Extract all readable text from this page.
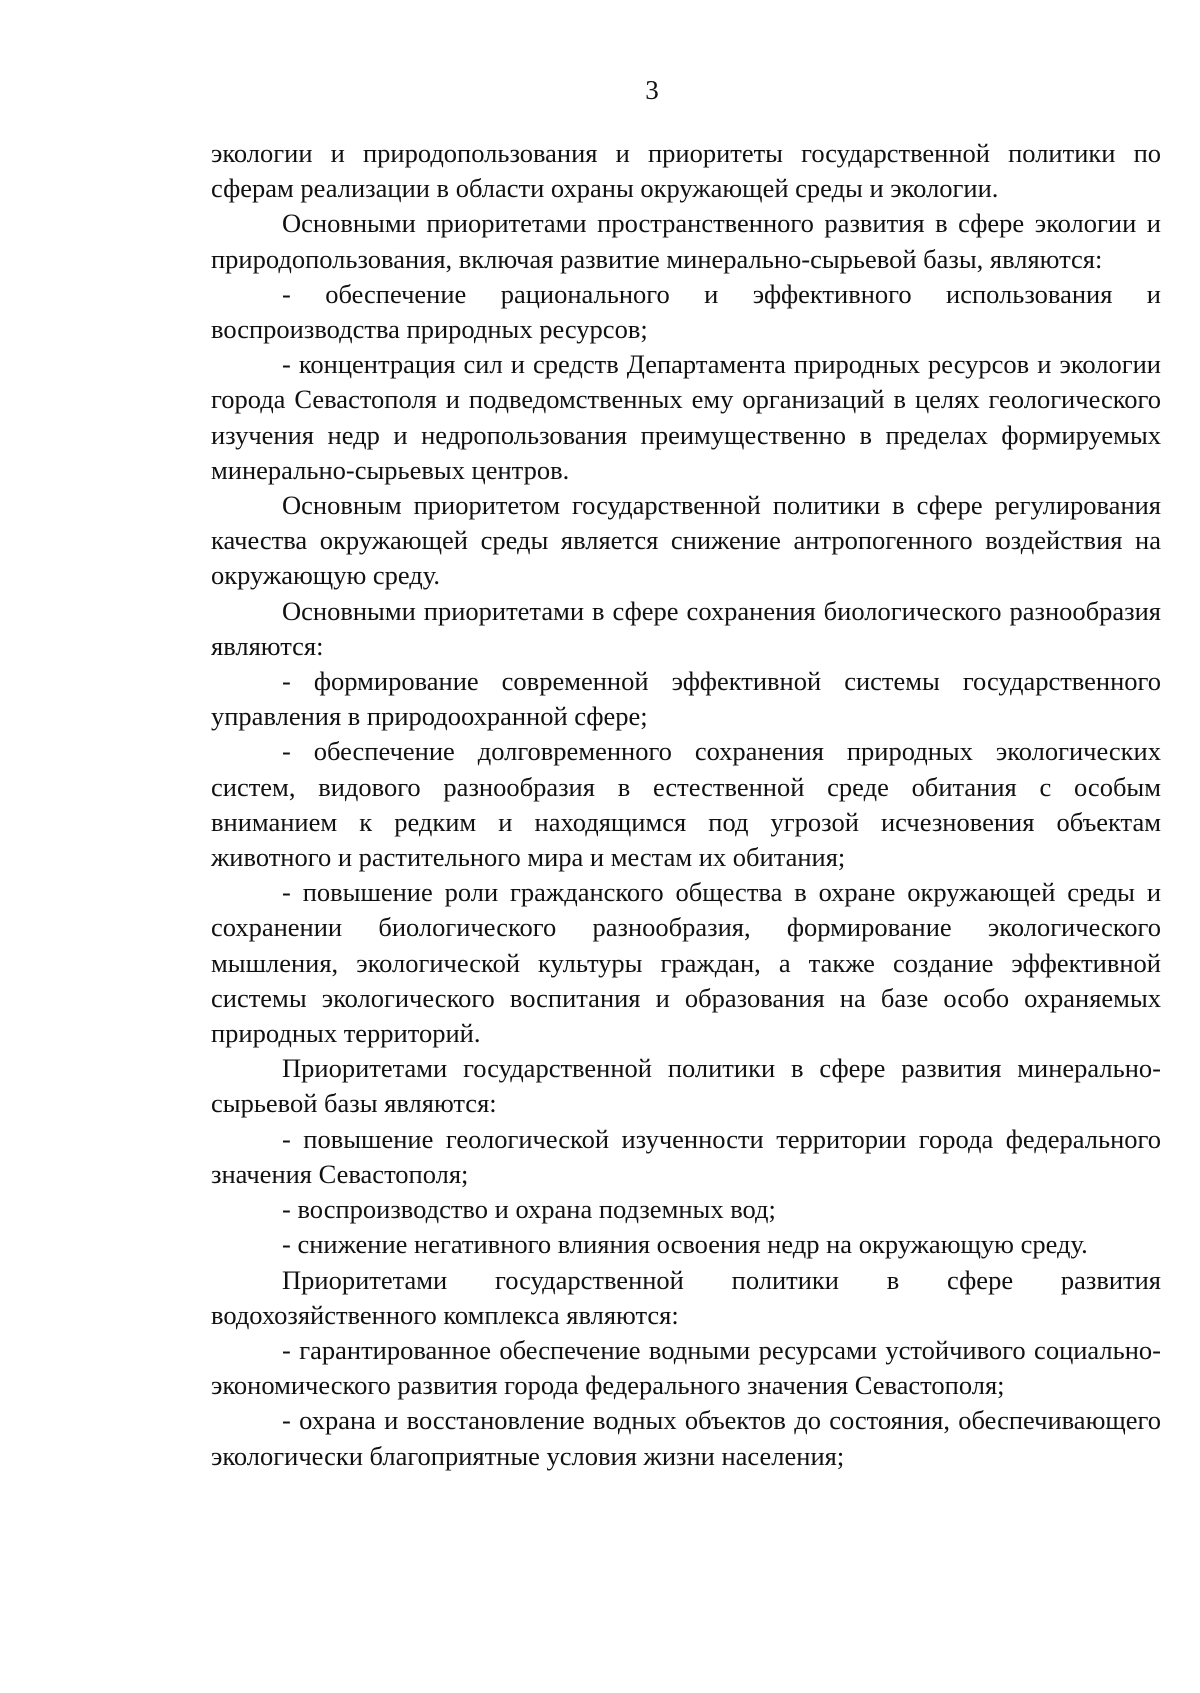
3

экологии и природопользования и приоритеты государственной политики по сферам реализации в области охраны окружающей среды и экологии.

Основными приоритетами пространственного развития в сфере экологии и природопользования, включая развитие минерально-сырьевой базы, являются:

- обеспечение рационального и эффективного использования и воспроизводства природных ресурсов;

- концентрация сил и средств Департамента природных ресурсов и экологии города Севастополя и подведомственных ему организаций в целях геологического изучения недр и недропользования преимущественно в пределах формируемых минерально-сырьевых центров.

Основным приоритетом государственной политики в сфере регулирования качества окружающей среды является снижение антропогенного воздействия на окружающую среду.

Основными приоритетами в сфере сохранения биологического разнообразия являются:

- формирование современной эффективной системы государственного управления в природоохранной сфере;

- обеспечение долговременного сохранения природных экологических систем, видового разнообразия в естественной среде обитания с особым вниманием к редким и находящимся под угрозой исчезновения объектам животного и растительного мира и местам их обитания;

- повышение роли гражданского общества в охране окружающей среды и сохранении биологического разнообразия, формирование экологического мышления, экологической культуры граждан, а также создание эффективной системы экологического воспитания и образования на базе особо охраняемых природных территорий.

Приоритетами государственной политики в сфере развития минерально-сырьевой базы являются:

- повышение геологической изученности территории города федерального значения Севастополя;

- воспроизводство и охрана подземных вод;

- снижение негативного влияния освоения недр на окружающую среду.

Приоритетами государственной политики в сфере развития водохозяйственного комплекса являются:

- гарантированное обеспечение водными ресурсами устойчивого социально-экономического развития города федерального значения Севастополя;

- охрана и восстановление водных объектов до состояния, обеспечивающего экологически благоприятные условия жизни населения;
